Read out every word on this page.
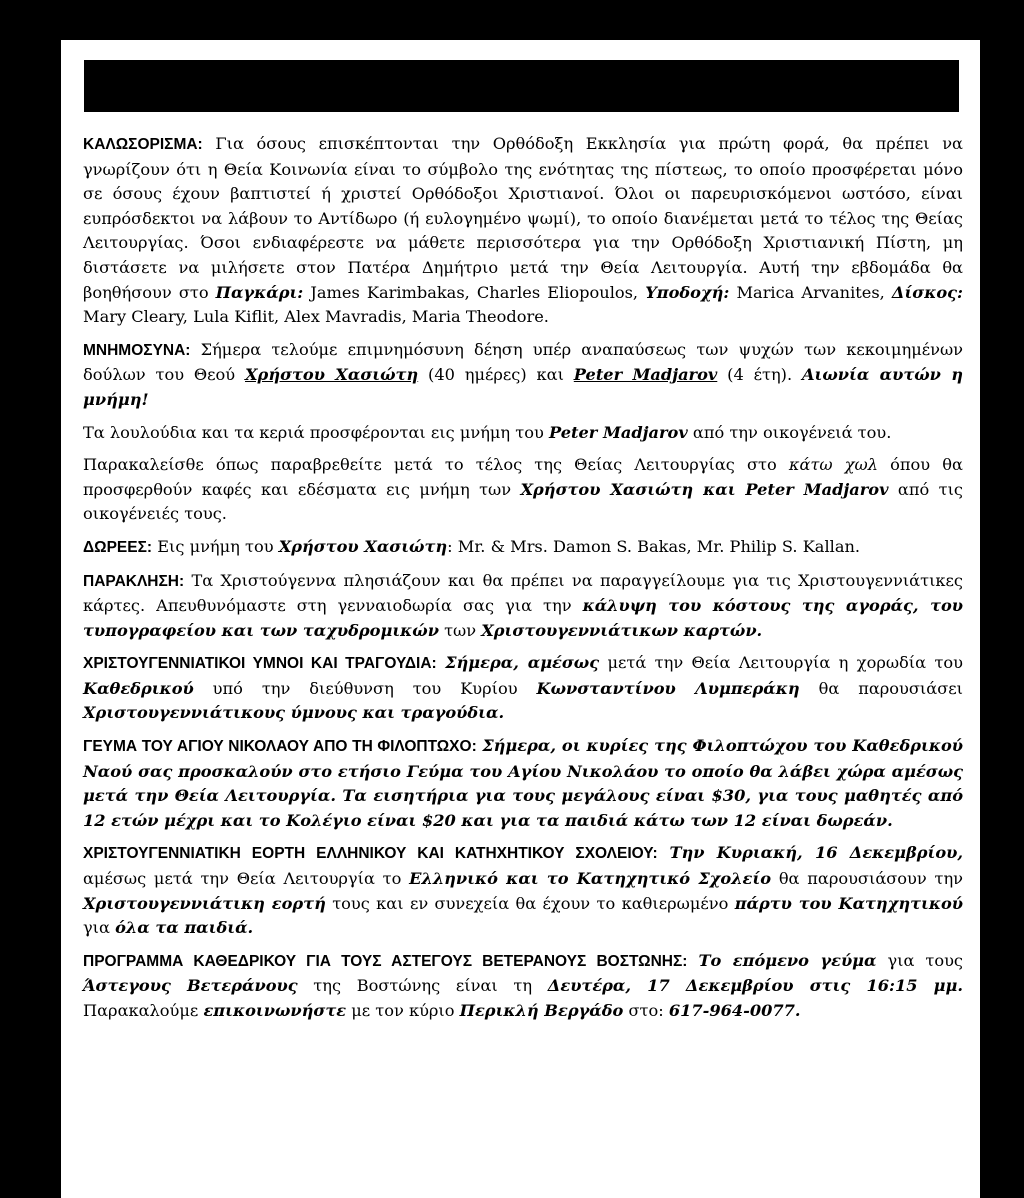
ΚΑΛΩΣΟΡΙΣΜΑ: Για όσους επισκέπτονται την Ορθόδοξη Εκκλησία για πρώτη φορά, θα πρέπει να γνωρίζουν ότι η Θεία Κοινωνία είναι το σύμβολο της ενότητας της πίστεως, το οποίο προσφέρεται μόνο σε όσους έχουν βαπτιστεί ή χριστεί Ορθόδοξοι Χριστιανοί. Όλοι οι παρευρισκόμενοι ωστόσο, είναι ευπρόσδεκτοι να λάβουν το Αντίδωρο (ή ευλογημένο ψωμί), το οποίο διανέμεται μετά το τέλος της Θείας Λειτουργίας. Όσοι ενδιαφέρεστε να μάθετε περισσότερα για την Ορθόδοξη Χριστιανική Πίστη, μη διστάσετε να μιλήσετε στον Πατέρα Δημήτριο μετά την Θεία Λειτουργία. Αυτή την εβδομάδα θα βοηθήσουν στο Παγκάρι: James Karimbakas, Charles Eliopoulos, Υποδοχή: Marica Arvanites, Δίσκος: Mary Cleary, Lula Kiflit, Alex Mavradis, Maria Theodore.

ΜΝΗΜΟΣΥΝΑ: Σήμερα τελούμε επιμνημόσυνη δέηση υπέρ αναπαύσεως των ψυχών των κεκοιμημένων δούλων του Θεού Χρήστου Χασιώτη (40 ημέρες) και Peter Madjarov (4 έτη). Αιωνία αυτών η μνήμη!

Τα λουλούδια και τα κεριά προσφέρονται εις μνήμη του Peter Madjarov από την οικογένειά του.

Παρακαλείσθε όπως παραβρεθείτε μετά το τέλος της Θείας Λειτουργίας στο κάτω χωλ όπου θα προσφερθούν καφές και εδέσματα εις μνήμη των Χρήστου Χασιώτη και Peter Madjarov από τις οικογένειές τους.

ΔΩΡΕΕΣ: Εις μνήμη του Χρήστου Χασιώτη: Mr. & Mrs. Damon S. Bakas, Mr. Philip S. Kallan.

ΠΑΡΑΚΛΗΣΗ: Τα Χριστούγεννα πλησιάζουν και θα πρέπει να παραγγείλουμε για τις Χριστουγεννιάτικες κάρτες. Απευθυνόμαστε στη γενναιοδωρία σας για την κάλυψη του κόστους της αγοράς, του τυπογραφείου και των ταχυδρομικών των Χριστουγεννιάτικων καρτών.

ΧΡΙΣΤΟΥΓΕΝΝΙΑΤΙΚΟΙ ΥΜΝΟΙ ΚΑΙ ΤΡΑΓΟΥΔΙΑ: Σήμερα, αμέσως μετά την Θεία Λειτουργία η χορωδία του Καθεδρικού υπό την διεύθυνση του Κυρίου Κωνσταντίνου Λυμπεράκη θα παρουσιάσει Χριστουγεννιάτικους ύμνους και τραγούδια.

ΓΕΥΜΑ ΤΟΥ ΑΓΙΟΥ ΝΙΚΟΛΑΟΥ ΑΠΟ ΤΗ ΦΙΛΟΠΤΩΧΟ: Σήμερα, οι κυρίες της Φιλοπτώχου του Καθεδρικού Ναού σας προσκαλούν στο ετήσιο Γεύμα του Αγίου Νικολάου το οποίο θα λάβει χώρα αμέσως μετά την Θεία Λειτουργία. Τα εισητήρια για τους μεγάλους είναι $30, για τους μαθητές από 12 ετών μέχρι και το Κολέγιο είναι $20 και για τα παιδιά κάτω των 12 είναι δωρεάν.

ΧΡΙΣΤΟΥΓΕΝΝΙΑΤΙΚΗ ΕΟΡΤΗ ΕΛΛΗΝΙΚΟΥ ΚΑΙ ΚΑΤΗΧΗΤΙΚΟΥ ΣΧΟΛΕΙΟΥ: Την Κυριακή, 16 Δεκεμβρίου, αμέσως μετά την Θεία Λειτουργία το Ελληνικό και το Κατηχητικό Σχολείο θα παρουσιάσουν την Χριστουγεννιάτικη εορτή τους και εν συνεχεία θα έχουν το καθιερωμένο πάρτυ του Κατηχητικού για όλα τα παιδιά.

ΠΡΟΓΡΑΜΜΑ ΚΑΘΕΔΡΙΚΟΥ ΓΙΑ ΤΟΥΣ ΑΣΤΕΓΟΥΣ ΒΕΤΕΡΑΝΟΥΣ ΒΟΣΤΩΝΗΣ: Το επόμενο γεύμα για τους Άστεγους Βετεράνους της Βοστώνης είναι τη Δευτέρα, 17 Δεκεμβρίου στις 16:15 μμ. Παρακαλούμε επικοινωνήστε με τον κύριο Περικλή Βεργάδο στο: 617-964-0077.
